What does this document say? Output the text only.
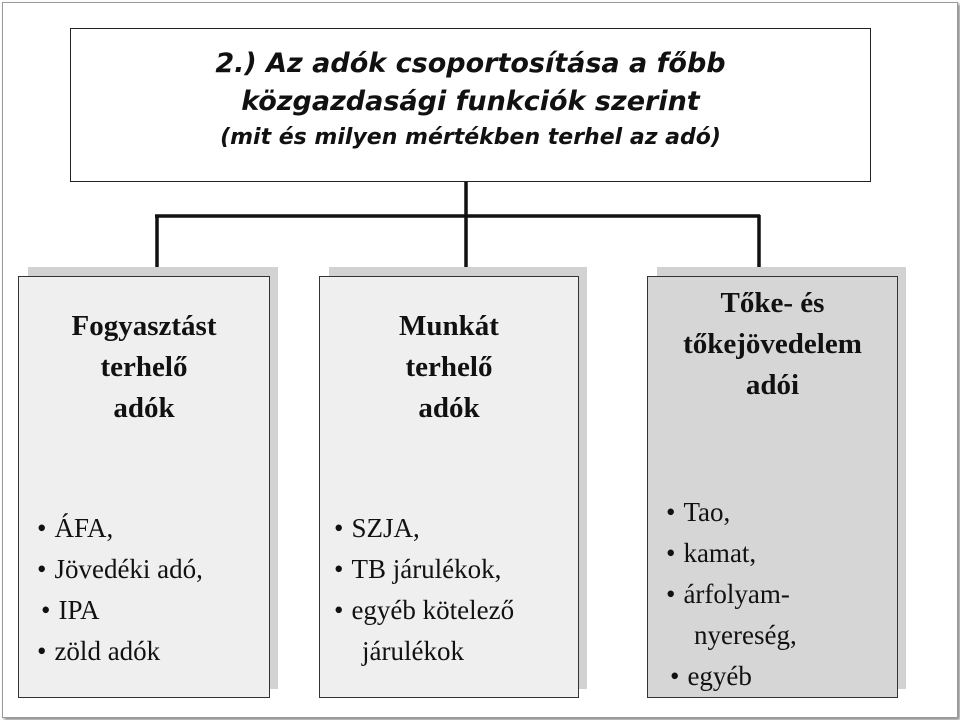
2.) Az adók csoportosítása a főbb
közgazdasági funkciók szerint
(mit és milyen mértékben terhel az adó)
Fogyasztást
terhelő
adók
• ÁFA,
• Jövedéki adó,
• IPA
• zöld adók
Munkát
terhelő
adók
• SZJA,
• TB járulékok,
• egyéb kötelező
járulékok
Tőke- és
tőkejövedelem
adói
• Tao,
• kamat,
• árfolyam-
nyereség,
• egyéb
